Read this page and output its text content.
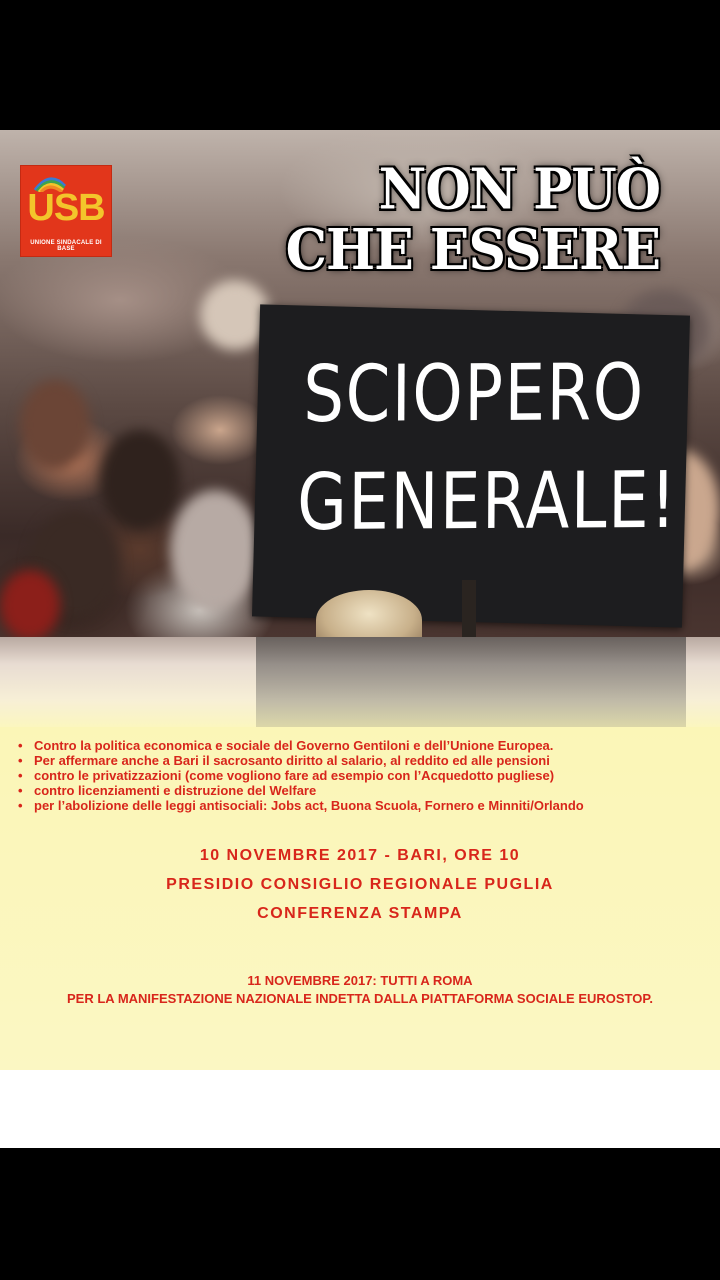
USB
UNIONE SINDACALE DI BASE
NON PUÒ
CHE ESSERE
SCIOPERO
GENERALE!
• Contro la politica economica e sociale del Governo Gentiloni e dell’Unione Europea.
• Per affermare anche a Bari il sacrosanto diritto al salario, al reddito ed alle pensioni
• contro le privatizzazioni (come vogliono fare ad esempio con l’Acquedotto pugliese)
• contro licenziamenti e distruzione del Welfare
• per l’abolizione delle leggi antisociali: Jobs act, Buona Scuola, Fornero e Minniti/Orlando
10 NOVEMBRE 2017 - BARI, ORE 10
PRESIDIO CONSIGLIO REGIONALE PUGLIA
CONFERENZA STAMPA
11 NOVEMBRE 2017: TUTTI A ROMA
PER LA MANIFESTAZIONE NAZIONALE INDETTA DALLA PIATTAFORMA SOCIALE EUROSTOP.
